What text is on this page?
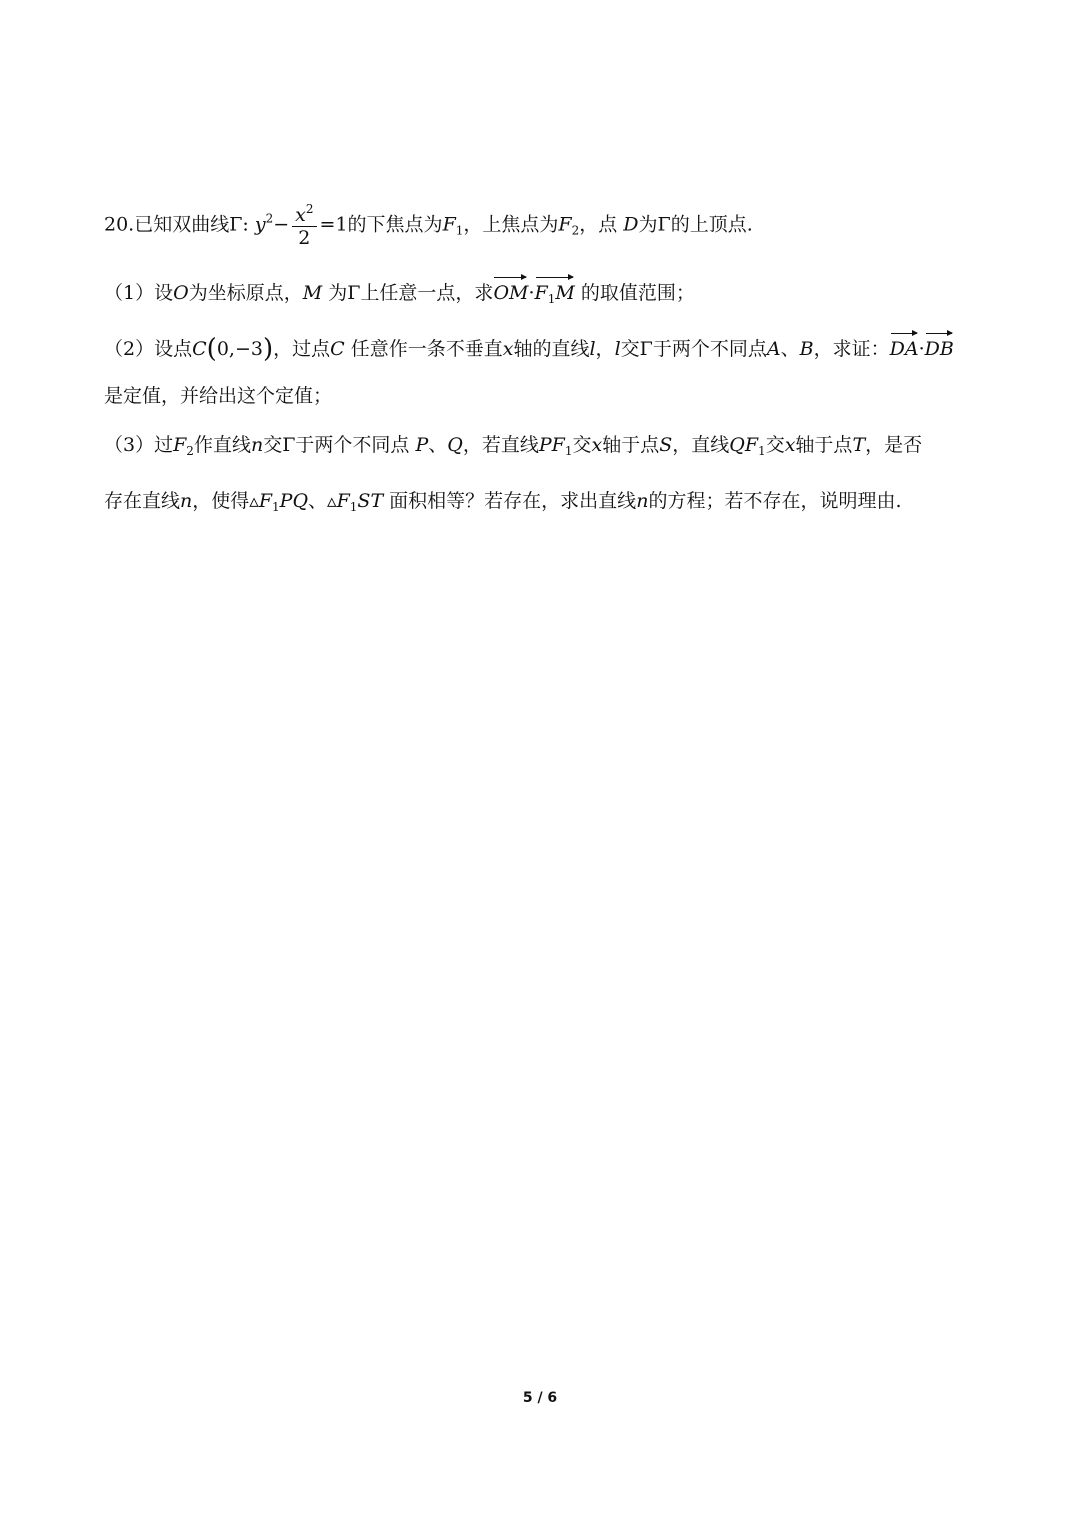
20.已知双曲线Γ: $y^2- \frac{x^2}{2} =1$的下焦点为$F_1$，上焦点为$F_2$，点 D为Γ的上顶点.
（1）设O为坐标原点，M 为Γ上任意一点，求$OM\cdot F_1M$ 的取值范围；
（2）设点C(0,−3)，过点C 任意作一条不垂直x轴的直线l，l交Γ于两个不同点A、B，求证：DA·DB
是定值，并给出这个定值；
（3）过$F_2$作直线n交Γ于两个不同点 P、Q，若直线$PF_1$交x轴于点S，直线$QF_1$交x轴于点T，是否
存在直线n，使得$▵F_1PQ$、$▵F_1ST$ 面积相等？若存在，求出直线n的方程；若不存在，说明理由.
5 / 6
